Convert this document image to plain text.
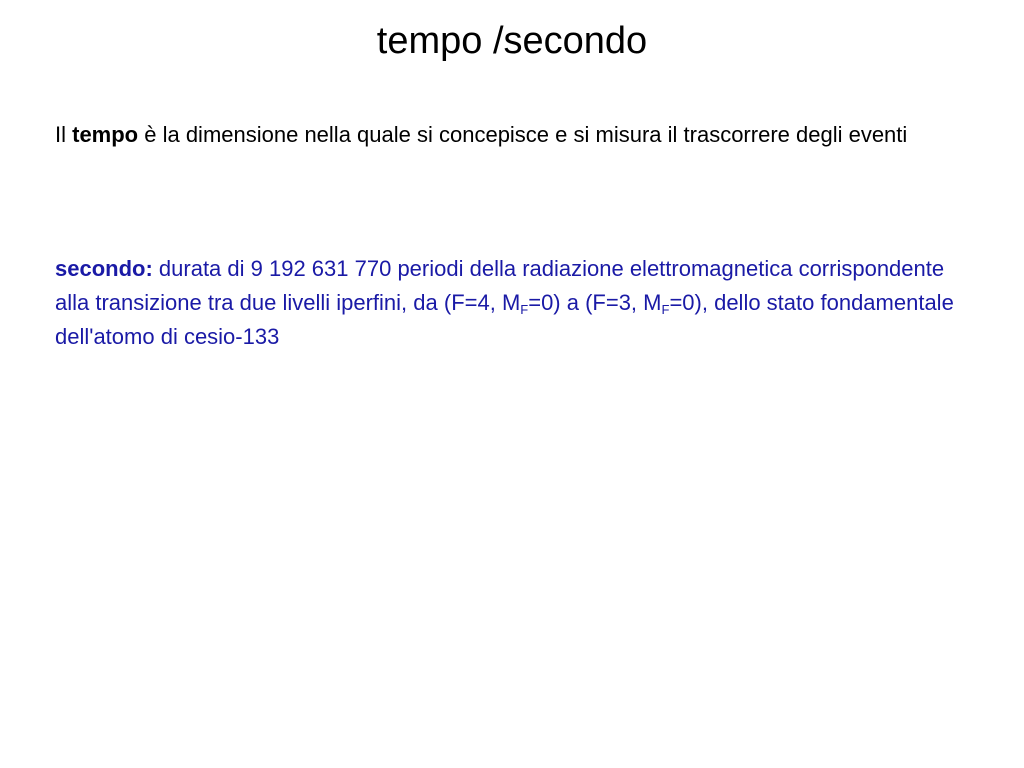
tempo /secondo

Il tempo è la dimensione nella quale si concepisce e si misura il trascorrere degli eventi

secondo: durata di 9 192 631 770 periodi della radiazione elettromagnetica corrispondente alla transizione tra due livelli iperfini, da (F=4, $M_F=0$) a (F=3, $M_F=0$), dello stato fondamentale dell'atomo di cesio-133
